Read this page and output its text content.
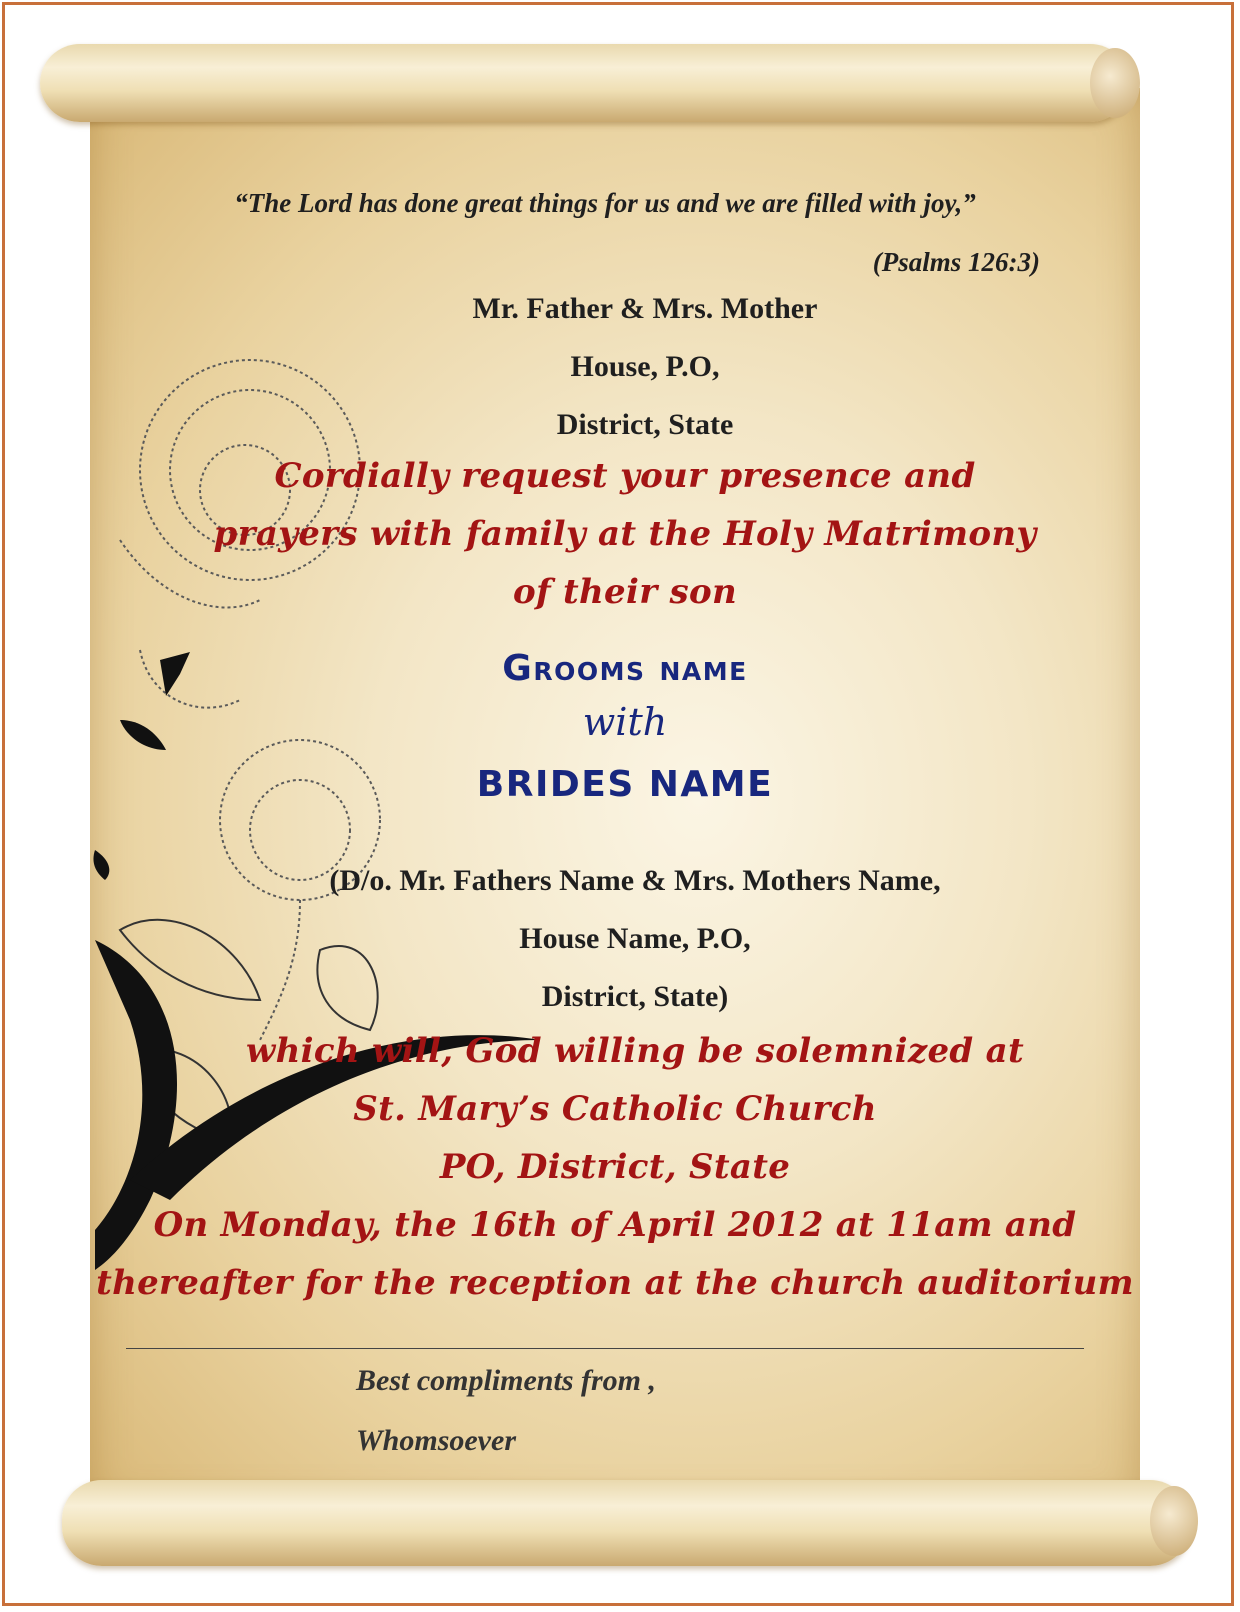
“The Lord has done great things for us and we are filled with joy,”
(Psalms 126:3)
Mr. Father & Mrs. Mother
House, P.O,
District, State
Cordially request your presence and
prayers with family at the Holy Matrimony
of their son
Grooms name
with
BRIDES NAME
(D/o. Mr. Fathers Name & Mrs. Mothers Name,
House Name, P.O,
District, State)
which will, God willing be solemnized at
St. Mary’s Catholic Church
PO, District, State
On Monday, the 16th of April 2012 at 11am and
thereafter for the reception at the church auditorium
Best compliments from ,
Whomsoever
